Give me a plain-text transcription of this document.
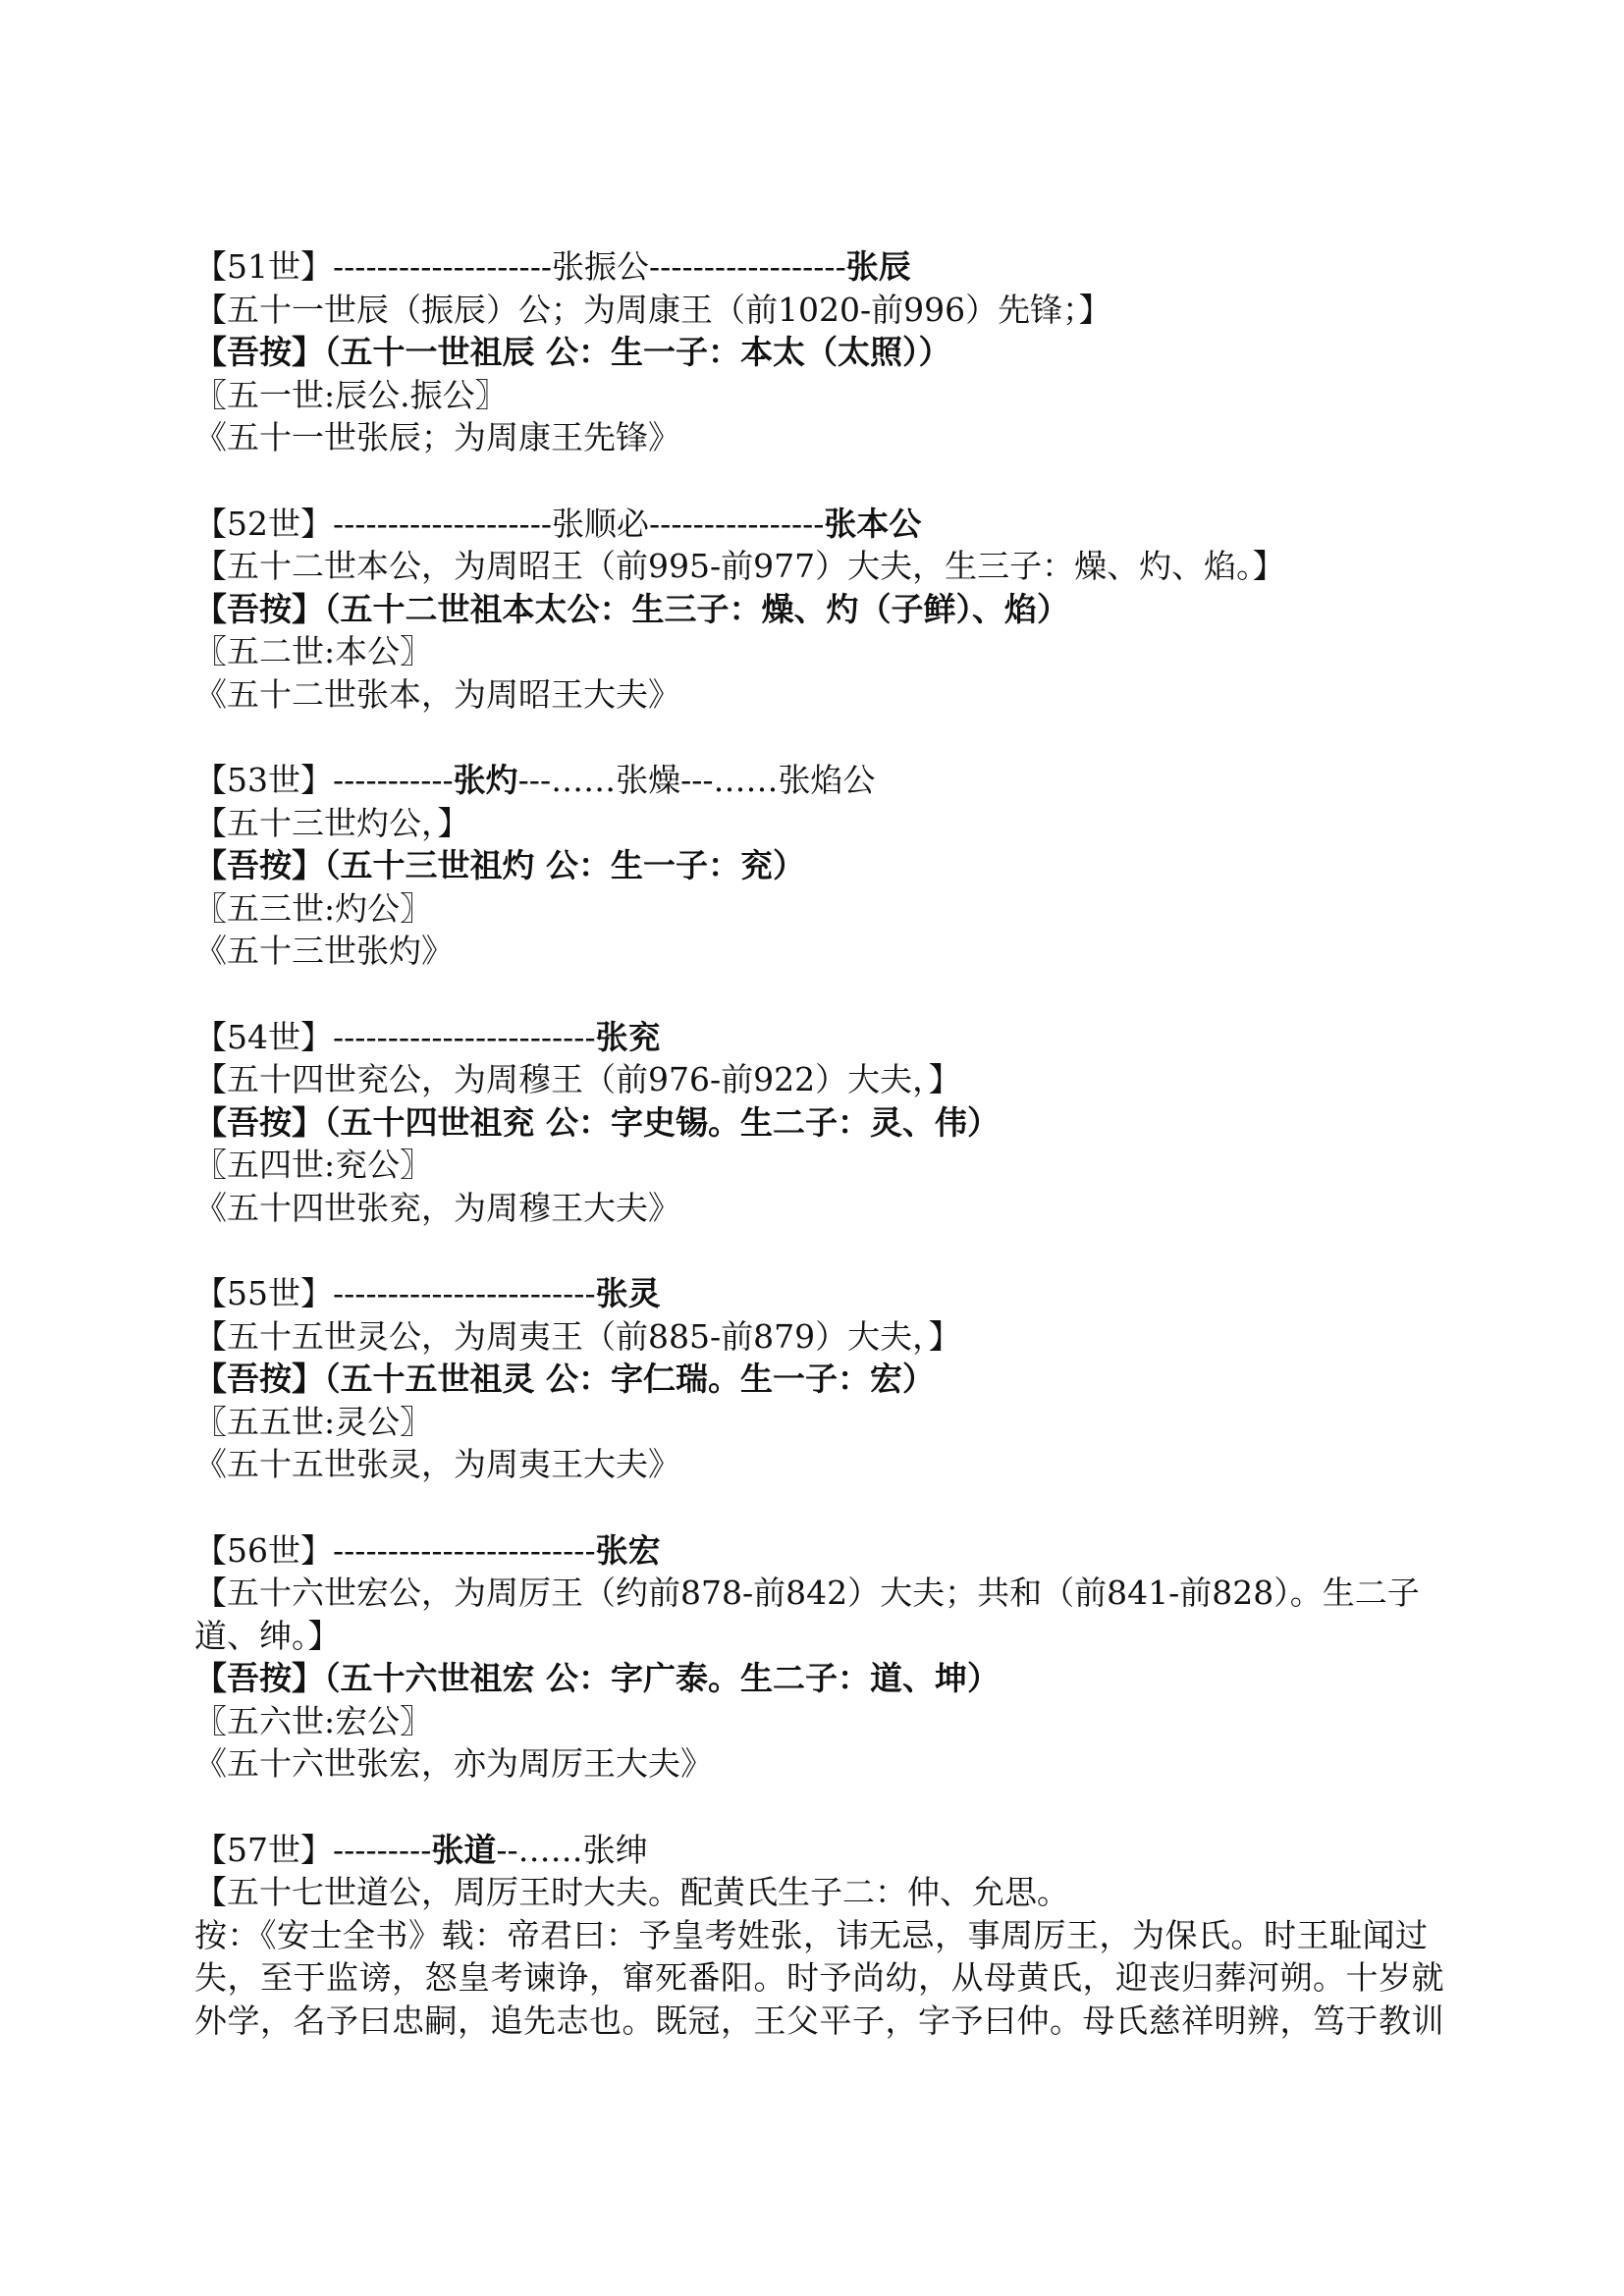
【51世】--------------------张振公------------------张辰
【五十一世辰（振辰）公；为周康王（前1020-前996）先锋；】
【吾按】（五十一世祖辰 公：生一子：本太（太照））
〖五一世:辰公.振公〗
《五十一世张辰；为周康王先锋》
【52世】--------------------张顺必----------------张本公
【五十二世本公，为周昭王（前995-前977）大夫，生三子：燥、灼、焰。】
【吾按】（五十二世祖本太公：生三子：燥、灼（子鲜）、焰）
〖五二世:本公〗
《五十二世张本，为周昭王大夫》
【53世】-----------张灼---……张燥---……张焰公
【五十三世灼公，】
【吾按】（五十三世祖灼 公：生一子：兖）
〖五三世:灼公〗
《五十三世张灼》
【54世】------------------------张兖
【五十四世兖公，为周穆王（前976-前922）大夫，】
【吾按】（五十四世祖兖 公：字史锡。生二子：灵、伟）
〖五四世:兖公〗
《五十四世张兖，为周穆王大夫》
【55世】------------------------张灵
【五十五世灵公，为周夷王（前885-前879）大夫，】
【吾按】（五十五世祖灵 公：字仁瑞。生一子：宏）
〖五五世:灵公〗
《五十五世张灵，为周夷王大夫》
【56世】------------------------张宏
【五十六世宏公，为周厉王（约前878-前842）大夫；共和（前841-前828）。生二子
道、绅。】
【吾按】（五十六世祖宏 公：字广泰。生二子：道、坤）
〖五六世:宏公〗
《五十六世张宏，亦为周厉王大夫》
【57世】---------张道--……张绅
【五十七世道公，周厉王时大夫。配黄氏生子二：仲、允思。
按：《安士全书》载：帝君曰：予皇考姓张，讳无忌，事周厉王，为保氏。时王耻闻过
失，至于监谤，怒皇考谏诤，窜死番阳。时予尚幼，从母黄氏，迎丧归葬河朔。十岁就
外学，名予曰忠嗣，追先志也。既冠，王父平子，字予曰仲。母氏慈祥明辨，笃于教训
